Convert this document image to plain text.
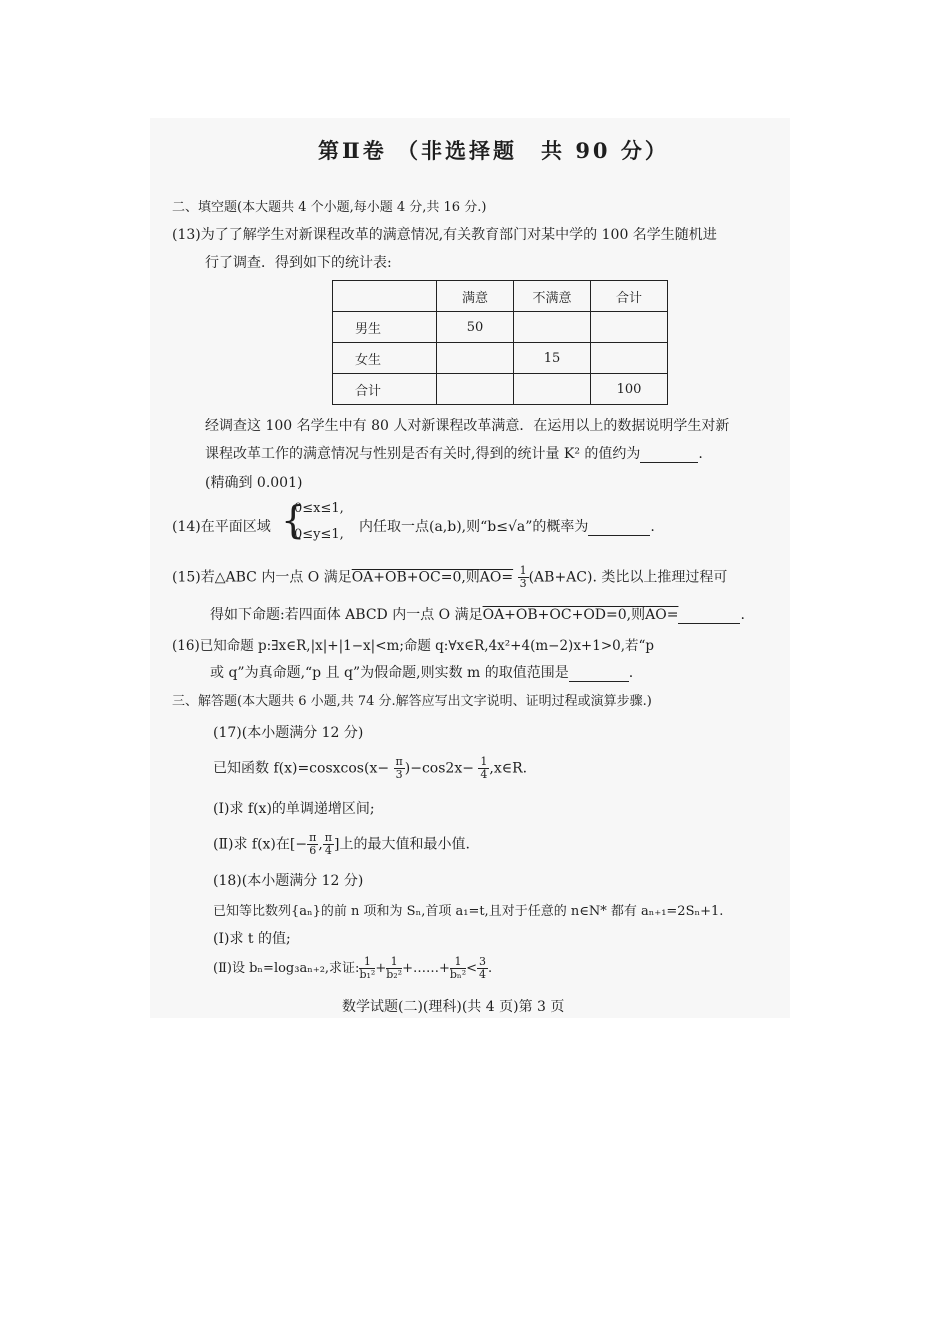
第Ⅱ卷 （非选择题　共 90 分）
二、填空题(本大题共 4 个小题,每小题 4 分,共 16 分.)
(13)为了了解学生对新课程改革的满意情况,有关教育部门对某中学的 100 名学生随机进
行了调查．得到如下的统计表:
	满意	不满意	合计
男生	50		
女生		15	
合计			100
经调查这 100 名学生中有 80 人对新课程改革满意．在运用以上的数据说明学生对新
课程改革工作的满意情况与性别是否有关时,得到的统计量 K² 的值约为	.
(精确到 0.001)
(14)在平面区域 {
0≤x≤1,
0≤y≤1, 内任取一点(a,b),则“b≤√a”的概率为	.
(15)若△ABC 内一点 O 满足OA+OB+OC=0,则$AO= \frac{1}{3} (AB+AC)$. 类比以上推理过程可
得如下命题:若四面体 ABCD 内一点 O 满足OA+OB+OC+OD=0,则AO=	.
(16)已知命题 p:∃x∈R,|x|+|1−x|<m;命题 q:∀x∈R,4x²+4(m−2)x+1>0,若“p
或 q”为真命题,“p 且 q”为假命题,则实数 m 的取值范围是	.
三、解答题(本大题共 6 小题,共 74 分.解答应写出文字说明、证明过程或演算步骤.)
(17)(本小题满分 12 分)
已知函数 f(x)=cosxcos(x− $\frac{\pi}{3} )-\cos 2x- \frac{1}{4}$ ,x∈R.
(Ⅰ)求 f(x)的单调递增区间;
(Ⅱ)求 f(x)在[− $\frac{\pi}{6}$ , $\frac{\pi}{4}$ ]上的最大值和最小值.
(18)(本小题满分 12 分)
已知等比数列{aₙ}的前 n 项和为 Sₙ,首项 a₁=t,且对于任意的 n∈N* 都有 aₙ₊₁=2Sₙ+1.
(Ⅰ)求 t 的值;
(Ⅱ)设 bₙ=log₃aₙ₊₂,求证: $\frac{1}{\text{b₁²}} + \frac{1}{\text{b₂²}}$ +……+ $\frac{1}{\text{bₙ²}} < \frac{3}{4}$ .
数学试题(二)(理科)(共 4 页)第 3 页
